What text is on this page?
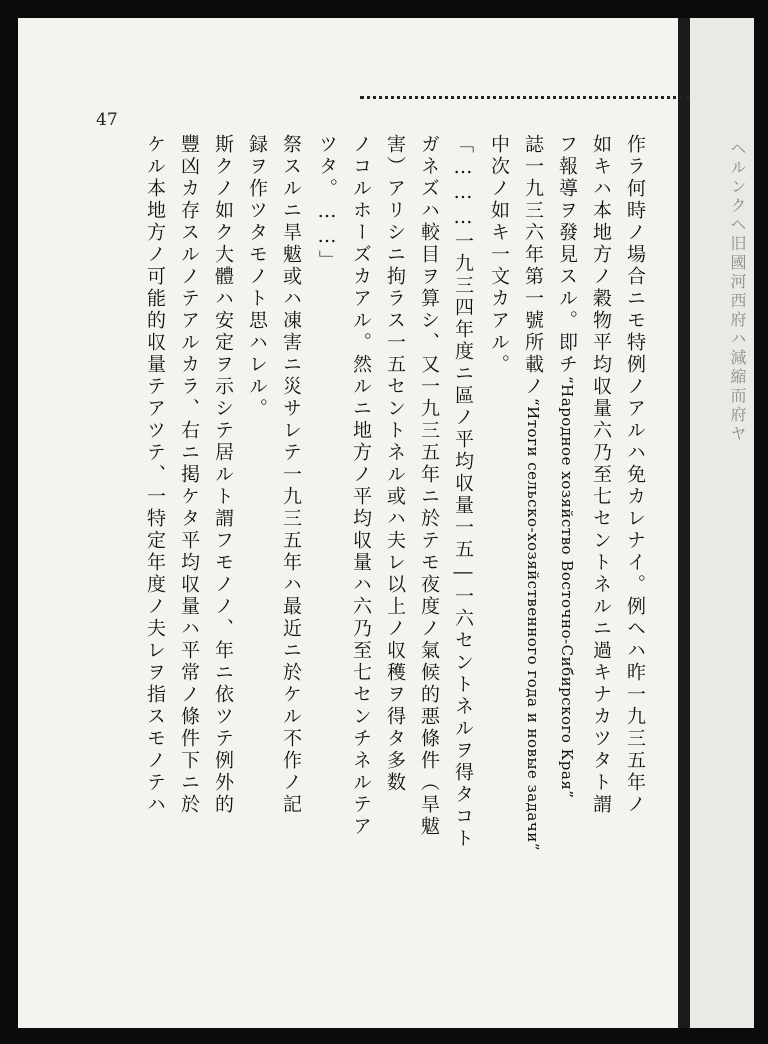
47
作ラ何時ノ場合ニモ特例ノアルハ免カレナイ。例ヘハ昨一九三五年ノ
如キハ本地方ノ穀物平均収量六乃至七セントネルニ過キナカツタト謂
フ報導ヲ發見スル。即チ“Народное хозяйство Восточно-Сибирского Края”
誌一九三六年第一號所載ノ“Итоги сельско-хозяйственного года и новые задачи”
中次ノ如キ一文カアル。
「………一九三四年度ニ區ノ平均収量一五―一六セントネルヲ得タコト
ガネズハ較目ヲ算シ、又一九三五年ニ於テモ夜度ノ氣候的悪條件（旱魃
害）アリシニ拘ラス一五セントネル或ハ夫レ以上ノ収穫ヲ得タ多数
ノコルホーズカアル。然ルニ地方ノ平均収量ハ六乃至七センチネルテア
ツタ。……」
祭スルニ旱魃或ハ凍害ニ災サレテ一九三五年ハ最近ニ於ケル不作ノ記
録ヲ作ツタモノト思ハレル。
斯クノ如ク大體ハ安定ヲ示シテ居ルト謂フモノノ、年ニ依ツテ例外的
豐凶カ存スルノテアルカラ、右ニ掲ケタ平均収量ハ平常ノ條件下ニ於
ケル本地方ノ可能的収量テアツテ、一特定年度ノ夫レヲ指スモノテハ	ヘルンクヘ旧國河西府ハ減縮而府ヤ
